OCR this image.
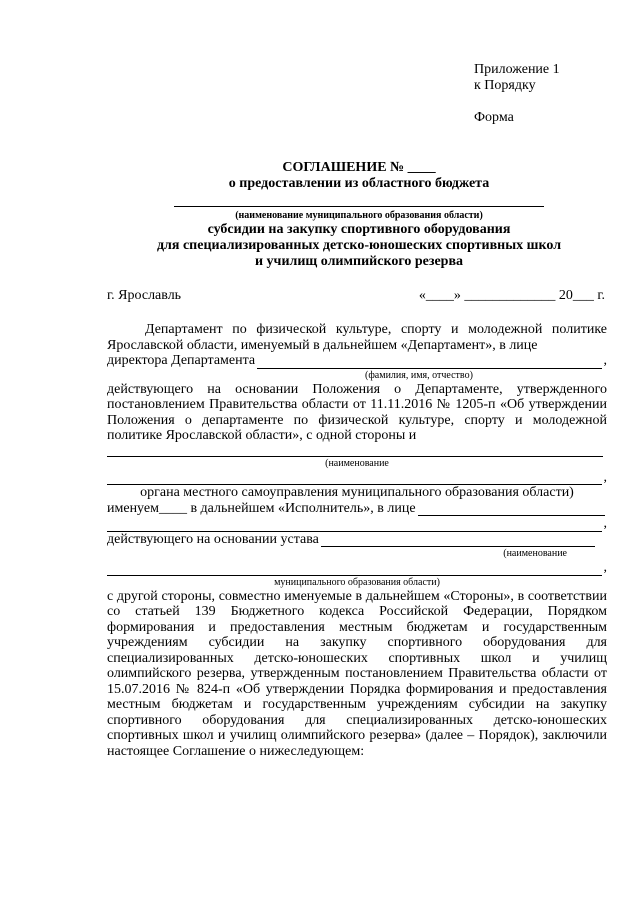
Приложение 1
к Порядку
Форма
СОГЛАШЕНИЕ № ____
о предоставлении из областного бюджета
(наименование муниципального образования области)
субсидии на закупку спортивного оборудования
для специализированных детско-юношеских спортивных школ
и училищ олимпийского резерва
г. Ярославль	«____» _____________ 20___ г.

Департамент по физической культуре, спорту и молодежной политике Ярославской области, именуемый в дальнейшем «Департамент», в лице

директора Департамента	,
(фамилия, имя, отчество)

действующего на основании Положения о Департаменте, утвержденного постановлением Правительства области от 11.11.2016 № 1205-п «Об утверждении Положения о департаменте по физической культуре, спорту и молодежной политике Ярославской области», с одной стороны и

(наименование
,
органа местного самоуправления муниципального образования области)
именуем____ в дальнейшем «Исполнитель», в лице
,
действующего на основании устава
(наименование
,
муниципального образования области)

с другой стороны, совместно именуемые в дальнейшем «Стороны», в соответствии со статьей 139 Бюджетного кодекса Российской Федерации, Порядком формирования и предоставления местным бюджетам и государственным учреждениям субсидии на закупку спортивного оборудования для специализированных детско-юношеских спортивных школ и училищ олимпийского резерва, утвержденным постановлением Правительства области от 15.07.2016 № 824-п «Об утверждении Порядка формирования и предоставления местным бюджетам и государственным учреждениям субсидии на закупку спортивного оборудования для специализированных детско-юношеских спортивных школ и училищ олимпийского резерва» (далее – Порядок), заключили настоящее Соглашение о нижеследующем:
